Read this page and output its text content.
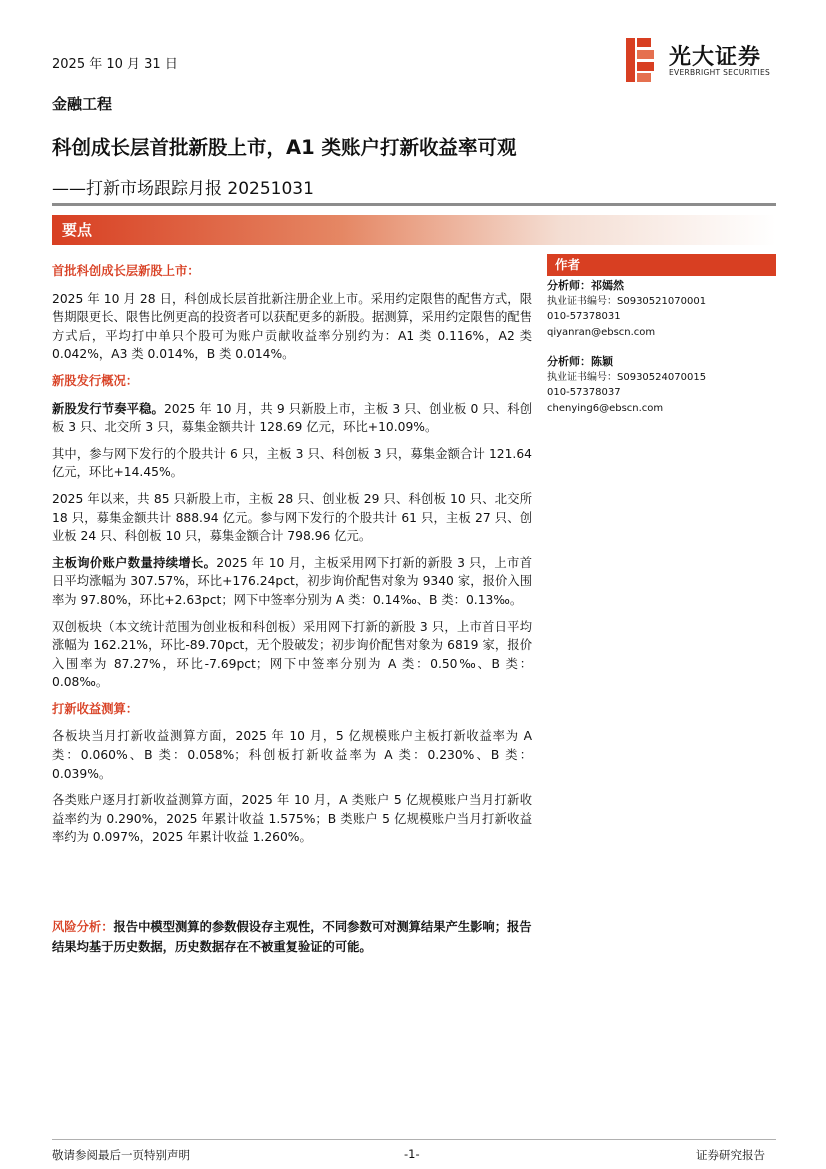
2025 年 10 月 31 日	光大证券
EVERBRIGHT SECURITIES
金融工程
科创成长层首批新股上市，A1 类账户打新收益率可观
——打新市场跟踪月报 20251031
要点
首批科创成长层新股上市：

2025 年 10 月 28 日，科创成长层首批新注册企业上市。采用约定限售的配售方式，限售期限更长、限售比例更高的投资者可以获配更多的新股。据测算，采用约定限售的配售方式后，平均打中单只个股可为账户贡献收益率分别约为：A1 类 0.116%，A2 类 0.042%，A3 类 0.014%，B 类 0.014%。

新股发行概况：

新股发行节奏平稳。2025 年 10 月，共 9 只新股上市，主板 3 只、创业板 0 只、科创板 3 只、北交所 3 只，募集金额共计 128.69 亿元，环比+10.09%。

其中，参与网下发行的个股共计 6 只，主板 3 只、科创板 3 只，募集金额合计 121.64 亿元，环比+14.45%。

2025 年以来，共 85 只新股上市，主板 28 只、创业板 29 只、科创板 10 只、北交所 18 只，募集金额共计 888.94 亿元。参与网下发行的个股共计 61 只，主板 27 只、创业板 24 只、科创板 10 只，募集金额合计 798.96 亿元。

主板询价账户数量持续增长。2025 年 10 月，主板采用网下打新的新股 3 只，上市首日平均涨幅为 307.57%，环比+176.24pct，初步询价配售对象为 9340 家，报价入围率为 97.80%，环比+2.63pct；网下中签率分别为 A 类：0.14‰、B 类：0.13‰。

双创板块（本文统计范围为创业板和科创板）采用网下打新的新股 3 只，上市首日平均涨幅为 162.21%，环比-89.70pct，无个股破发；初步询价配售对象为 6819 家，报价入围率为 87.27%，环比-7.69pct；网下中签率分别为 A 类：0.50‰、B 类：0.08‰。

打新收益测算：

各板块当月打新收益测算方面，2025 年 10 月，5 亿规模账户主板打新收益率为 A 类：0.060%、B 类：0.058%；科创板打新收益率为 A 类：0.230%、B 类：0.039%。

各类账户逐月打新收益测算方面，2025 年 10 月，A 类账户 5 亿规模账户当月打新收益率约为 0.290%，2025 年累计收益 1.575%；B 类账户 5 亿规模账户当月打新收益率约为 0.097%，2025 年累计收益 1.260%。

风险分析：报告中模型测算的参数假设存主观性，不同参数可对测算结果产生影响；报告结果均基于历史数据，历史数据存在不被重复验证的可能。
作者
分析师：祁嫣然
执业证书编号：S0930521070001
010-57378031
qiyanran@ebscn.com
分析师：陈颖
执业证书编号：S0930524070015
010-57378037
chenying6@ebscn.com
敬请参阅最后一页特别声明	-1-	证券研究报告
